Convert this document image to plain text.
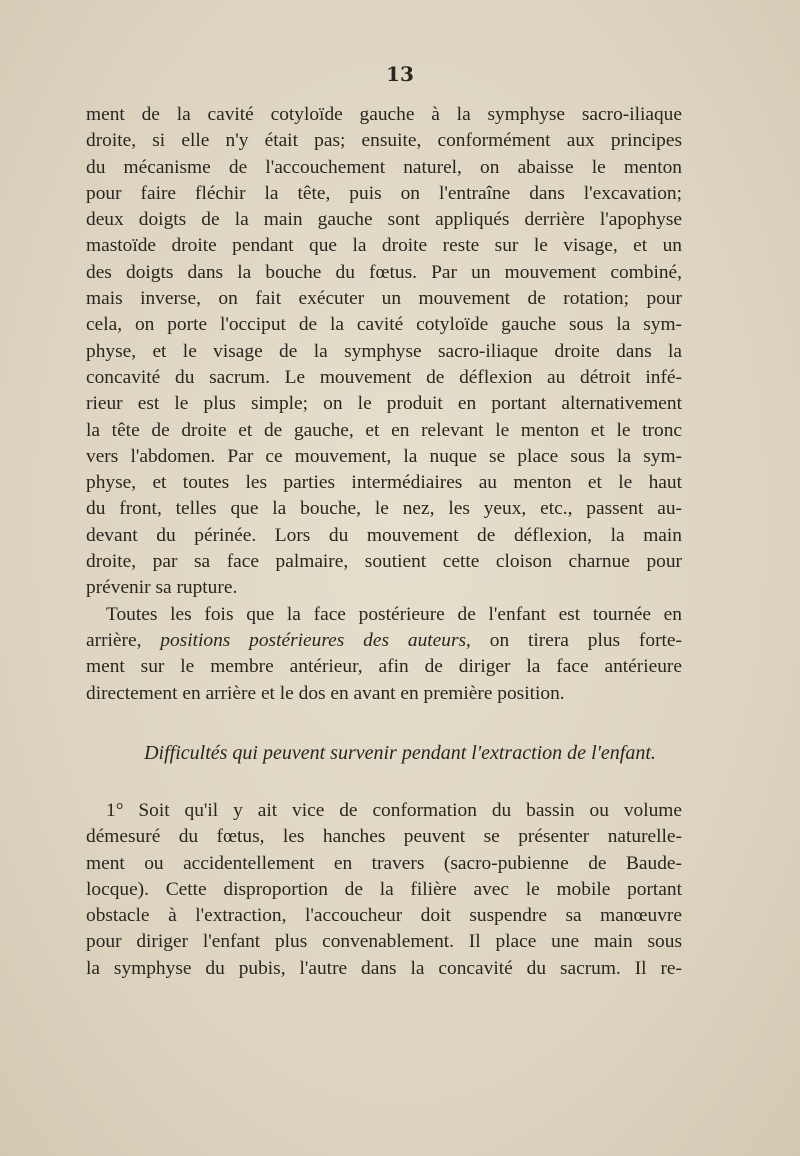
13
ment de la cavité cotyloïde gauche à la symphyse sacro-iliaque
droite, si elle n'y était pas; ensuite, conformément aux principes
du mécanisme de l'accouchement naturel, on abaisse le menton
pour faire fléchir la tête, puis on l'entraîne dans l'excavation;
deux doigts de la main gauche sont appliqués derrière l'apophyse
mastoïde droite pendant que la droite reste sur le visage, et un
des doigts dans la bouche du fœtus. Par un mouvement combiné,
mais inverse, on fait exécuter un mouvement de rotation; pour
cela, on porte l'occiput de la cavité cotyloïde gauche sous la sym-
physe, et le visage de la symphyse sacro-iliaque droite dans la
concavité du sacrum. Le mouvement de déflexion au détroit infé-
rieur est le plus simple; on le produit en portant alternativement
la tête de droite et de gauche, et en relevant le menton et le tronc
vers l'abdomen. Par ce mouvement, la nuque se place sous la sym-
physe, et toutes les parties intermédiaires au menton et le haut
du front, telles que la bouche, le nez, les yeux, etc., passent au-
devant du périnée. Lors du mouvement de déflexion, la main
droite, par sa face palmaire, soutient cette cloison charnue pour
prévenir sa rupture.
Toutes les fois que la face postérieure de l'enfant est tournée en
arrière, positions postérieures des auteurs, on tirera plus forte-
ment sur le membre antérieur, afin de diriger la face antérieure
directement en arrière et le dos en avant en première position.
Difficultés qui peuvent survenir pendant l'extraction de l'enfant.
1° Soit qu'il y ait vice de conformation du bassin ou volume
démesuré du fœtus, les hanches peuvent se présenter naturelle-
ment ou accidentellement en travers (sacro-pubienne de Baude-
locque). Cette disproportion de la filière avec le mobile portant
obstacle à l'extraction, l'accoucheur doit suspendre sa manœuvre
pour diriger l'enfant plus convenablement. Il place une main sous
la symphyse du pubis, l'autre dans la concavité du sacrum. Il re-
